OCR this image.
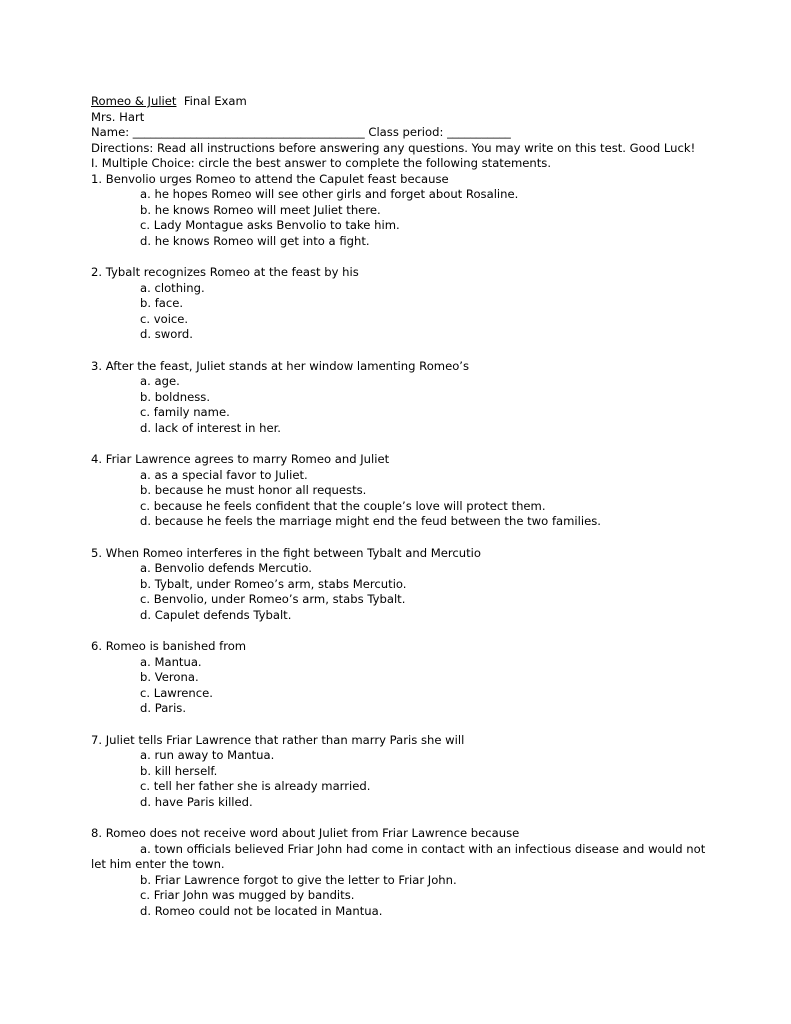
Romeo & Juliet  Final Exam
Mrs. Hart
Name: ________________________________________ Class period: ___________
Directions: Read all instructions before answering any questions. You may write on this test. Good Luck!
I. Multiple Choice: circle the best answer to complete the following statements.
1. Benvolio urges Romeo to attend the Capulet feast because
a. he hopes Romeo will see other girls and forget about Rosaline.
b. he knows Romeo will meet Juliet there.
c. Lady Montague asks Benvolio to take him.
d. he knows Romeo will get into a fight.
2. Tybalt recognizes Romeo at the feast by his
a. clothing.
b. face.
c. voice.
d. sword.
3. After the feast, Juliet stands at her window lamenting Romeo’s
a. age.
b. boldness.
c. family name.
d. lack of interest in her.
4. Friar Lawrence agrees to marry Romeo and Juliet
a. as a special favor to Juliet.
b. because he must honor all requests.
c. because he feels confident that the couple’s love will protect them.
d. because he feels the marriage might end the feud between the two families.
5. When Romeo interferes in the fight between Tybalt and Mercutio
a. Benvolio defends Mercutio.
b. Tybalt, under Romeo’s arm, stabs Mercutio.
c. Benvolio, under Romeo’s arm, stabs Tybalt.
d. Capulet defends Tybalt.
6. Romeo is banished from
a. Mantua.
b. Verona.
c. Lawrence.
d. Paris.
7. Juliet tells Friar Lawrence that rather than marry Paris she will
a. run away to Mantua.
b. kill herself.
c. tell her father she is already married.
d. have Paris killed.
8. Romeo does not receive word about Juliet from Friar Lawrence because
a. town officials believed Friar John had come in contact with an infectious disease and would not
let him enter the town.
b. Friar Lawrence forgot to give the letter to Friar John.
c. Friar John was mugged by bandits.
d. Romeo could not be located in Mantua.
